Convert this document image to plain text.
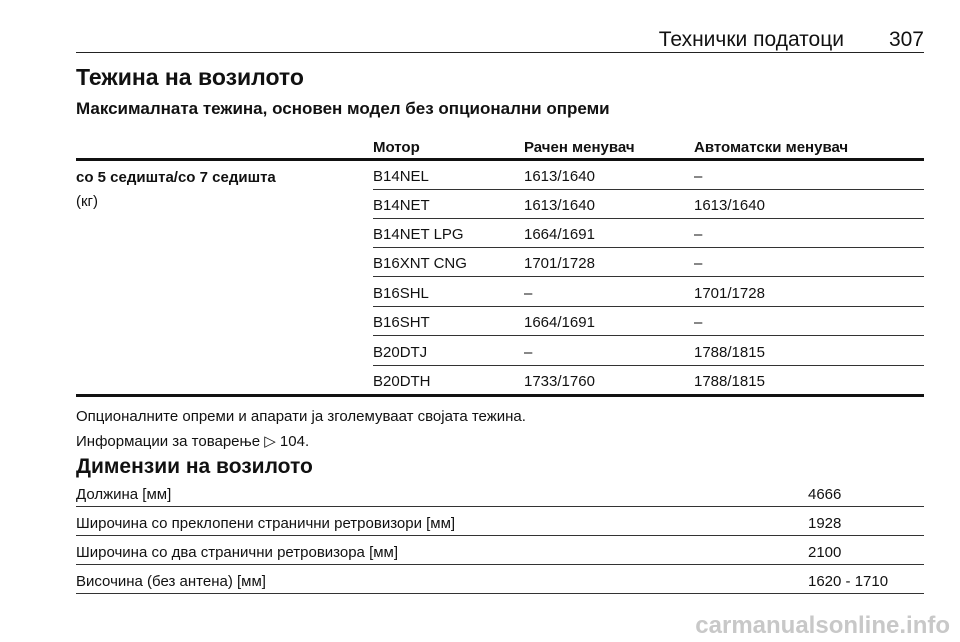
Технички податоци 307
Тежина на возилото
Максималната тежина, основен модел без опционални опреми
Мотор	Рачен менувач	Автоматски менувач
со 5 седишта/со 7 седишта
(кг)
B14NEL	1613/1640	–
B14NET	1613/1640	1613/1640
B14NET LPG	1664/1691	–
B16XNT CNG	1701/1728	–
B16SHL	–	1701/1728
B16SHT	1664/1691	–
B20DTJ	–	1788/1815
B20DTH	1733/1760	1788/1815
Опционалните опреми и апарати ја зголемуваат својата тежина.
Информации за товарење ▷ 104.
Димензии на возилото
Должина [мм]	4666
Широчина со преклопени странични ретровизори [мм]	1928
Широчина со два странични ретровизора [мм]	2100
Височина (без антена) [мм]	1620 - 1710
carmanualsonline.info
